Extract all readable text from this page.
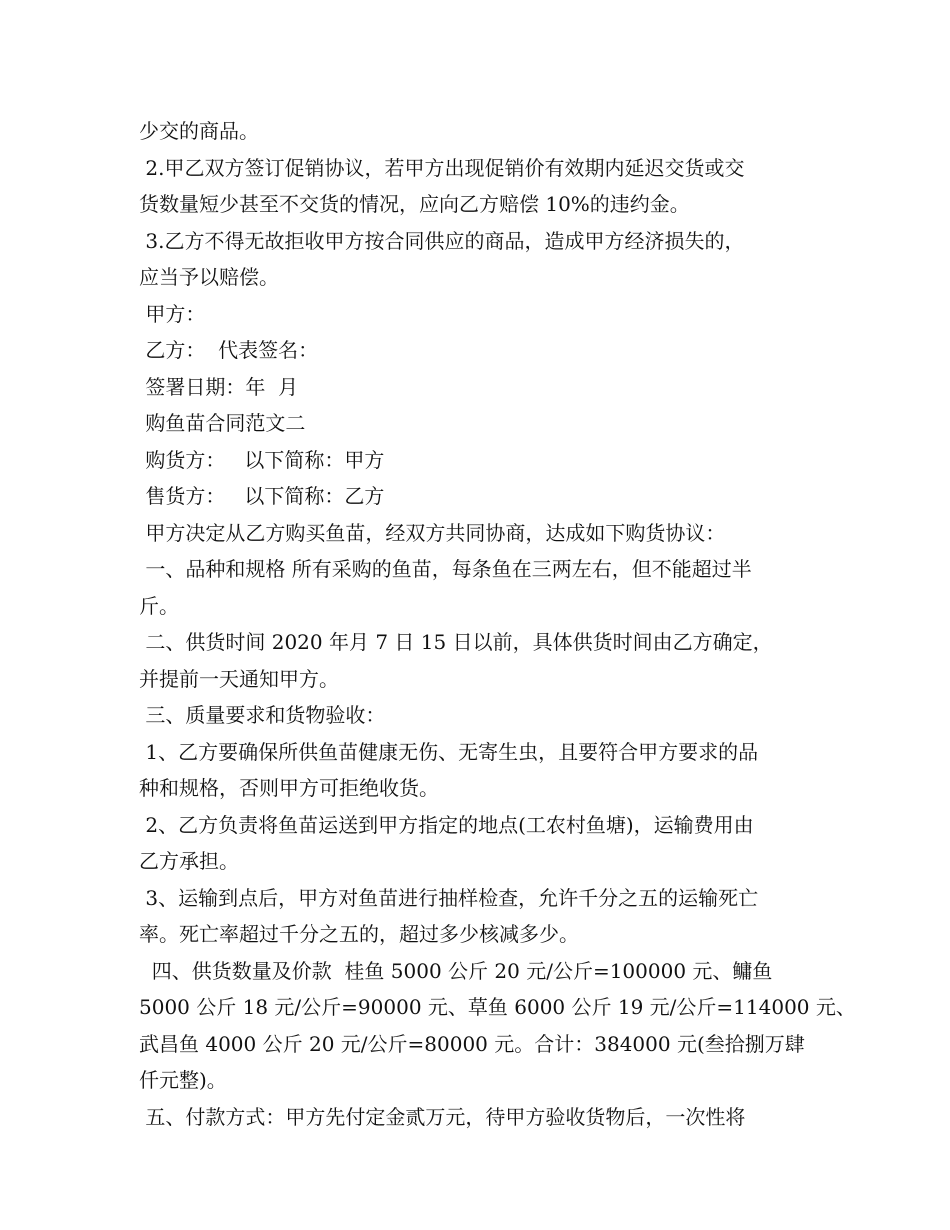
少交的商品。
2.甲乙双方签订促销协议，若甲方出现促销价有效期内延迟交货或交
货数量短少甚至不交货的情况，应向乙方赔偿 10%的违约金。
3.乙方不得无故拒收甲方按合同供应的商品，造成甲方经济损失的，
应当予以赔偿。
甲方：
乙方：  代表签名：
签署日期：年  月
购鱼苗合同范文二
购货方：   以下简称：甲方
售货方：   以下简称：乙方
甲方决定从乙方购买鱼苗，经双方共同协商，达成如下购货协议：
一、品种和规格 所有采购的鱼苗，每条鱼在三两左右，但不能超过半
斤。
二、供货时间 2020 年月 7 日 15 日以前，具体供货时间由乙方确定，
并提前一天通知甲方。
三、质量要求和货物验收：
1、乙方要确保所供鱼苗健康无伤、无寄生虫，且要符合甲方要求的品
种和规格，否则甲方可拒绝收货。
2、乙方负责将鱼苗运送到甲方指定的地点(工农村鱼塘)，运输费用由
乙方承担。
3、运输到点后，甲方对鱼苗进行抽样检查，允许千分之五的运输死亡
率。死亡率超过千分之五的，超过多少核减多少。
四、供货数量及价款  桂鱼 5000 公斤 20 元/公斤=100000 元、鳙鱼
5000 公斤 18 元/公斤=90000 元、草鱼 6000 公斤 19 元/公斤=114000 元、
武昌鱼 4000 公斤 20 元/公斤=80000 元。合计：384000 元(叁拾捌万肆
仟元整)。
五、付款方式：甲方先付定金贰万元，待甲方验收货物后，一次性将
